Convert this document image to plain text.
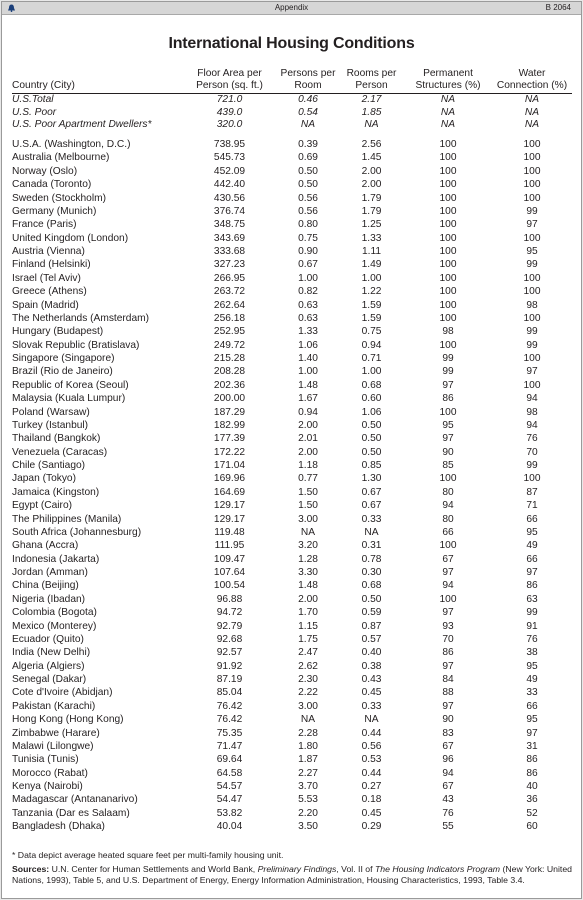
Appendix	B 2064
International Housing Conditions
Country (City)	Floor Area per Person (sq. ft.)	Persons per Room	Rooms per Person	Permanent Structures (%)	Water Connection (%)
U.S.Total	721.0	0.46	2.17	NA	NA
U.S. Poor	439.0	0.54	1.85	NA	NA
U.S. Poor Apartment Dwellers*	320.0	NA	NA	NA	NA

U.S.A. (Washington, D.C.)	738.95	0.39	2.56	100	100
Australia (Melbourne)	545.73	0.69	1.45	100	100
Norway (Oslo)	452.09	0.50	2.00	100	100
Canada (Toronto)	442.40	0.50	2.00	100	100
Sweden (Stockholm)	430.56	0.56	1.79	100	100
Germany (Munich)	376.74	0.56	1.79	100	99
France (Paris)	348.75	0.80	1.25	100	97
United Kingdom (London)	343.69	0.75	1.33	100	100
Austria (Vienna)	333.68	0.90	1.11	100	95
Finland (Helsinki)	327.23	0.67	1.49	100	99
Israel (Tel Aviv)	266.95	1.00	1.00	100	100
Greece (Athens)	263.72	0.82	1.22	100	100
Spain (Madrid)	262.64	0.63	1.59	100	98
The Netherlands (Amsterdam)	256.18	0.63	1.59	100	100
Hungary (Budapest)	252.95	1.33	0.75	98	99
Slovak Republic (Bratislava)	249.72	1.06	0.94	100	99
Singapore (Singapore)	215.28	1.40	0.71	99	100
Brazil (Rio de Janeiro)	208.28	1.00	1.00	99	97
Republic of Korea (Seoul)	202.36	1.48	0.68	97	100
Malaysia (Kuala Lumpur)	200.00	1.67	0.60	86	94
Poland (Warsaw)	187.29	0.94	1.06	100	98
Turkey (Istanbul)	182.99	2.00	0.50	95	94
Thailand (Bangkok)	177.39	2.01	0.50	97	76
Venezuela (Caracas)	172.22	2.00	0.50	90	70
Chile (Santiago)	171.04	1.18	0.85	85	99
Japan (Tokyo)	169.96	0.77	1.30	100	100
Jamaica (Kingston)	164.69	1.50	0.67	80	87
Egypt (Cairo)	129.17	1.50	0.67	94	71
The Philippines (Manila)	129.17	3.00	0.33	80	66
South Africa (Johannesburg)	119.48	NA	NA	66	95
Ghana (Accra)	111.95	3.20	0.31	100	49
Indonesia (Jakarta)	109.47	1.28	0.78	67	66
Jordan (Amman)	107.64	3.30	0.30	97	97
China (Beijing)	100.54	1.48	0.68	94	86
Nigeria (Ibadan)	96.88	2.00	0.50	100	63
Colombia (Bogota)	94.72	1.70	0.59	97	99
Mexico (Monterey)	92.79	1.15	0.87	93	91
Ecuador (Quito)	92.68	1.75	0.57	70	76
India (New Delhi)	92.57	2.47	0.40	86	38
Algeria (Algiers)	91.92	2.62	0.38	97	95
Senegal (Dakar)	87.19	2.30	0.43	84	49
Cote d'Ivoire (Abidjan)	85.04	2.22	0.45	88	33
Pakistan (Karachi)	76.42	3.00	0.33	97	66
Hong Kong (Hong Kong)	76.42	NA	NA	90	95
Zimbabwe (Harare)	75.35	2.28	0.44	83	97
Malawi (Lilongwe)	71.47	1.80	0.56	67	31
Tunisia (Tunis)	69.64	1.87	0.53	96	86
Morocco (Rabat)	64.58	2.27	0.44	94	86
Kenya (Nairobi)	54.57	3.70	0.27	67	40
Madagascar (Antananarivo)	54.47	5.53	0.18	43	36
Tanzania (Dar es Salaam)	53.82	2.20	0.45	76	52
Bangladesh (Dhaka)	40.04	3.50	0.29	55	60
* Data depict average heated square feet per multi-family housing unit.
Sources: U.N. Center for Human Settlements and World Bank, Preliminary Findings, Vol. II of The Housing Indicators Program (New York: United Nations, 1993), Table 5, and U.S. Department of Energy, Energy Information Administration, Housing Characteristics, 1993, Table 3.4.
